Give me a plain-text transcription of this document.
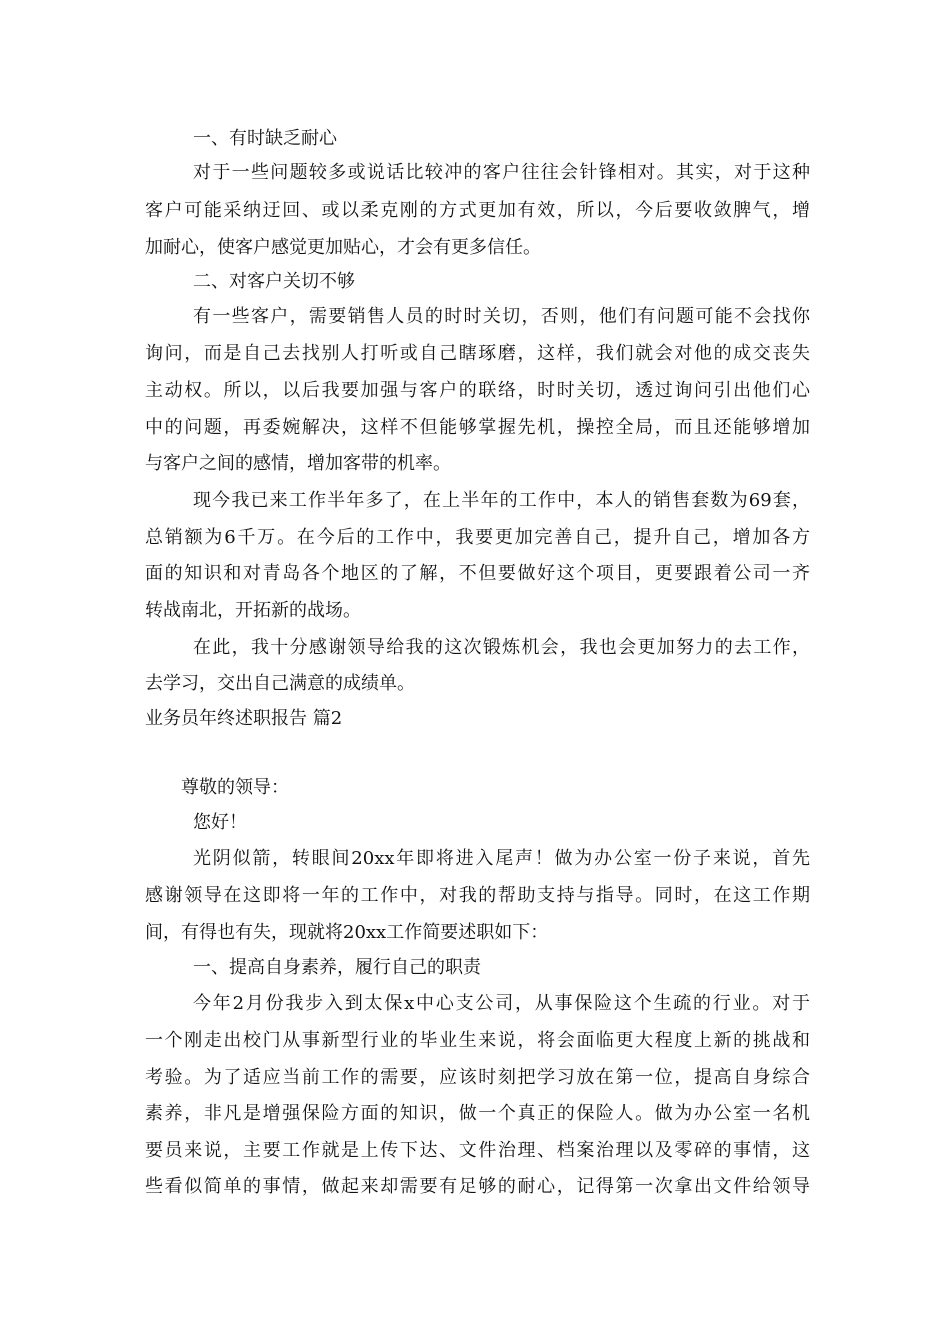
一、有时缺乏耐心
对于一些问题较多或说话比较冲的客户往往会针锋相对。其实，对于这种
客户可能采纳迂回、或以柔克刚的方式更加有效，所以，今后要收敛脾气，增
加耐心，使客户感觉更加贴心，才会有更多信任。
二、对客户关切不够
有一些客户，需要销售人员的时时关切，否则，他们有问题可能不会找你
询问，而是自己去找别人打听或自己瞎琢磨，这样，我们就会对他的成交丧失
主动权。所以，以后我要加强与客户的联络，时时关切，透过询问引出他们心
中的问题，再委婉解决，这样不但能够掌握先机，操控全局，而且还能够增加
与客户之间的感情，增加客带的机率。
现今我已来工作半年多了，在上半年的工作中，本人的销售套数为69套，
总销额为6千万。在今后的工作中，我要更加完善自己，提升自己，增加各方
面的知识和对青岛各个地区的了解，不但要做好这个项目，更要跟着公司一齐
转战南北，开拓新的战场。
在此，我十分感谢领导给我的这次锻炼机会，我也会更加努力的去工作，
去学习，交出自己满意的成绩单。
业务员年终述职报告 篇2
尊敬的领导：
您好！
光阴似箭，转眼间20xx年即将进入尾声！做为办公室一份子来说，首先
感谢领导在这即将一年的工作中，对我的帮助支持与指导。同时，在这工作期
间，有得也有失，现就将20xx工作简要述职如下：
一、提高自身素养，履行自己的职责
今年2月份我步入到太保x中心支公司，从事保险这个生疏的行业。对于
一个刚走出校门从事新型行业的毕业生来说，将会面临更大程度上新的挑战和
考验。为了适应当前工作的需要，应该时刻把学习放在第一位，提高自身综合
素养，非凡是增强保险方面的知识，做一个真正的保险人。做为办公室一名机
要员来说，主要工作就是上传下达、文件治理、档案治理以及零碎的事情，这
些看似简单的事情，做起来却需要有足够的耐心，记得第一次拿出文件给领导
